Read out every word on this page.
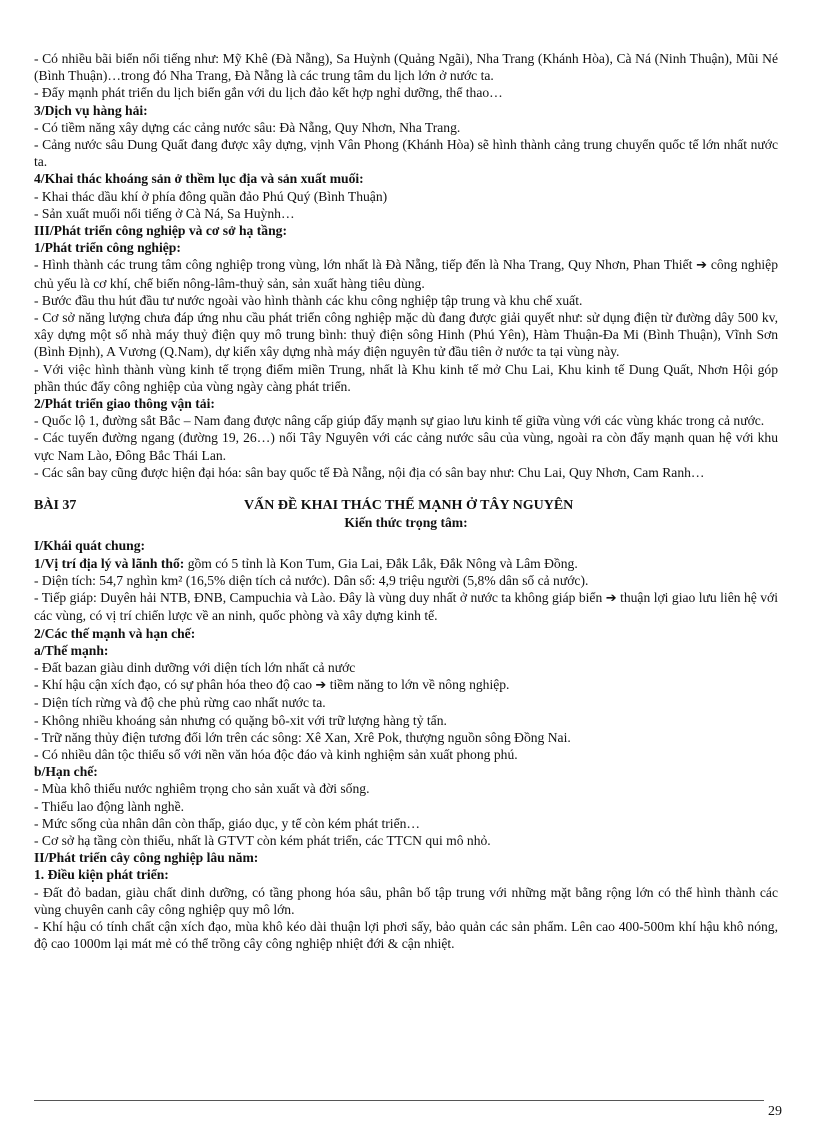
- Có nhiều bãi biển nổi tiếng như: Mỹ Khê (Đà Nẵng), Sa Huỳnh (Quảng Ngãi), Nha Trang (Khánh Hòa), Cà Ná (Ninh Thuận), Mũi Né (Bình Thuận)…trong đó Nha Trang, Đà Nẵng là các trung tâm du lịch lớn ở nước ta.

- Đẩy mạnh phát triển du lịch biển gắn với du lịch đảo kết hợp nghỉ dưỡng, thể thao…

3/Dịch vụ hàng hải:

- Có tiềm năng xây dựng các cảng nước sâu: Đà Nẵng, Quy Nhơn, Nha Trang.

- Cảng nước sâu Dung Quất đang được xây dựng, vịnh Vân Phong (Khánh Hòa) sẽ hình thành cảng trung chuyển quốc tế lớn nhất nước ta.

4/Khai thác khoáng sản ở thềm lục địa và sản xuất muối:

- Khai thác dầu khí ở phía đông quần đảo Phú Quý (Bình Thuận)

- Sản xuất muối nổi tiếng ở Cà Ná, Sa Huỳnh…

III/Phát triển công nghiệp và cơ sở hạ tầng:

1/Phát triển công nghiệp:

- Hình thành các trung tâm công nghiệp trong vùng, lớn nhất là Đà Nẵng, tiếp đến là Nha Trang, Quy Nhơn, Phan Thiết ➔ công nghiệp chủ yếu là cơ khí, chế biến nông-lâm-thuỷ sản, sản xuất hàng tiêu dùng.

- Bước đầu thu hút đầu tư nước ngoài vào hình thành các khu công nghiệp tập trung và khu chế xuất.

- Cơ sở năng lượng chưa đáp ứng nhu cầu phát triển công nghiệp mặc dù đang được giải quyết như: sử dụng điện từ đường dây 500 kv, xây dựng một số nhà máy thuỷ điện quy mô trung bình: thuỷ điện sông Hinh (Phú Yên), Hàm Thuận-Đa Mi (Bình Thuận), Vĩnh Sơn (Bình Định), A Vương (Q.Nam), dự kiến xây dựng nhà máy điện nguyên tử đầu tiên ở nước ta tại vùng này.

- Với việc hình thành vùng kinh tế trọng điểm miền Trung, nhất là Khu kinh tế mở Chu Lai, Khu kinh tế Dung Quất, Nhơn Hội góp phần thúc đẩy công nghiệp của vùng ngày càng phát triển.

2/Phát triển giao thông vận tải:

- Quốc lộ 1, đường sắt Bắc – Nam đang được nâng cấp giúp đẩy mạnh sự giao lưu kinh tế giữa vùng với các vùng khác trong cả nước.

- Các tuyến đường ngang (đường 19, 26…) nối Tây Nguyên với các cảng nước sâu của vùng, ngoài ra còn đẩy mạnh quan hệ với khu vực Nam Lào, Đông Bắc Thái Lan.

- Các sân bay cũng được hiện đại hóa: sân bay quốc tế Đà Nẵng, nội địa có sân bay như: Chu Lai, Quy Nhơn, Cam Ranh…

BÀI 37	VẤN ĐỀ KHAI THÁC THẾ MẠNH Ở TÂY NGUYÊN

Kiến thức trọng tâm:

I/Khái quát chung:

1/Vị trí địa lý và lãnh thổ: gồm có 5 tỉnh là Kon Tum, Gia Lai, Đắk Lắk, Đắk Nông và Lâm Đồng.

- Diện tích: 54,7 nghìn km² (16,5% diện tích cả nước). Dân số: 4,9 triệu người (5,8% dân số cả nước).

- Tiếp giáp: Duyên hải NTB, ĐNB, Campuchia và Lào. Đây là vùng duy nhất ở nước ta không giáp biển ➔ thuận lợi giao lưu liên hệ với các vùng, có vị trí chiến lược về an ninh, quốc phòng và xây dựng kinh tế.

2/Các thế mạnh và hạn chế:

a/Thế mạnh:

- Đất bazan giàu dinh dưỡng với diện tích lớn nhất cả nước

- Khí hậu cận xích đạo, có sự phân hóa theo độ cao ➔ tiềm năng to lớn về nông nghiệp.

- Diện tích rừng và độ che phủ rừng cao nhất nước ta.

- Không nhiều khoáng sản nhưng có quặng bô-xit với trữ lượng hàng tỷ tấn.

- Trữ năng thủy điện tương đối lớn trên các sông: Xê Xan, Xrê Pok, thượng nguồn sông Đồng Nai.

- Có nhiều dân tộc thiểu số với nền văn hóa độc đáo và kinh nghiệm sản xuất phong phú.

b/Hạn chế:

- Mùa khô thiếu nước nghiêm trọng cho sản xuất và đời sống.

- Thiếu lao động lành nghề.

- Mức sống của nhân dân còn thấp, giáo dục, y tế còn kém phát triển…

- Cơ sở hạ tầng còn thiếu, nhất là GTVT còn kém phát triển, các TTCN qui mô nhỏ.

II/Phát triển cây công nghiệp lâu năm:

1. Điều kiện phát triển:

- Đất đỏ badan, giàu chất dinh dưỡng, có tầng phong hóa sâu, phân bố tập trung với những mặt bằng rộng lớn có thể hình thành các vùng chuyên canh cây công nghiệp quy mô lớn.

- Khí hậu có tính chất cận xích đạo, mùa khô kéo dài thuận lợi phơi sấy, bảo quản các sản phẩm. Lên cao 400-500m khí hậu khô nóng, độ cao 1000m lại mát mẻ có thể trồng cây công nghiệp nhiệt đới & cận nhiệt.

29
